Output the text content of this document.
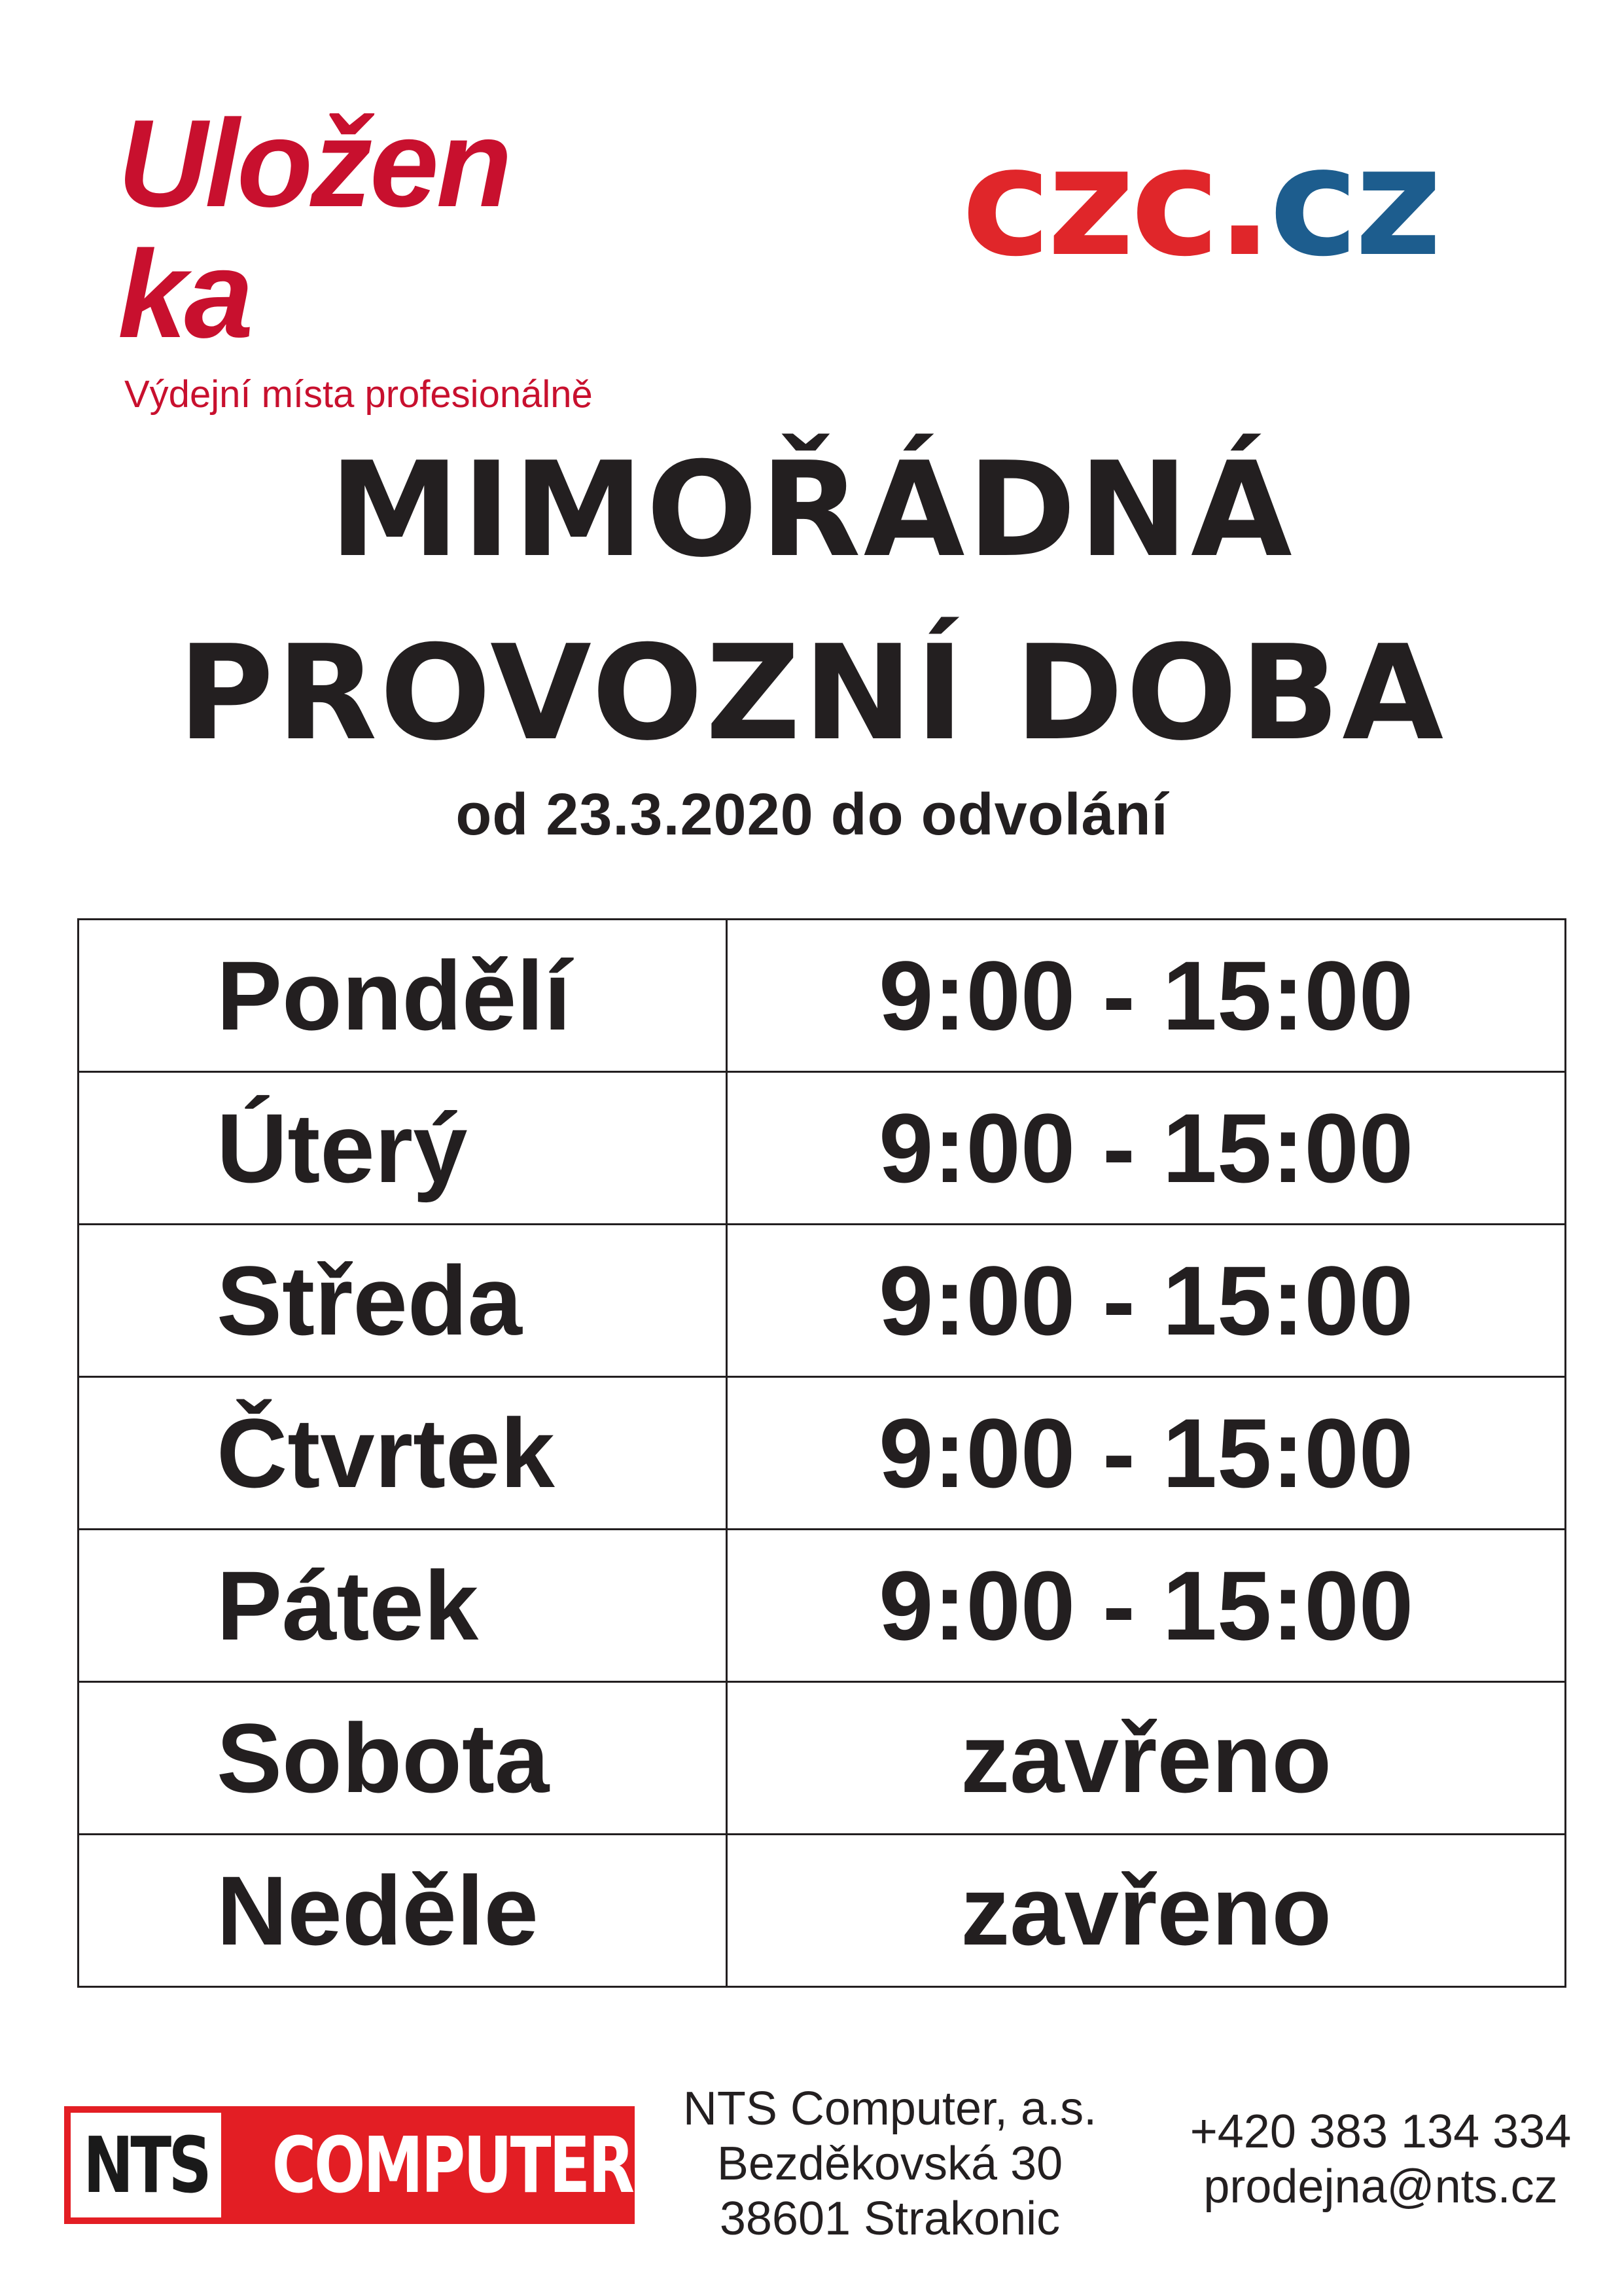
Uložen ka
Výdejní místa profesionálně
czc.cz
MIMOŘÁDNÁ
PROVOZNÍ DOBA
od 23.3.2020 do odvolání
Pondělí	9:00 - 15:00
Úterý	9:00 - 15:00
Středa	9:00 - 15:00
Čtvrtek	9:00 - 15:00
Pátek	9:00 - 15:00
Sobota	zavřeno
Neděle	zavřeno
NTS COMPUTER
NTS Computer, a.s.
Bezděkovská 30
38601 Strakonic
+420 383 134 334
prodejna@nts.cz
